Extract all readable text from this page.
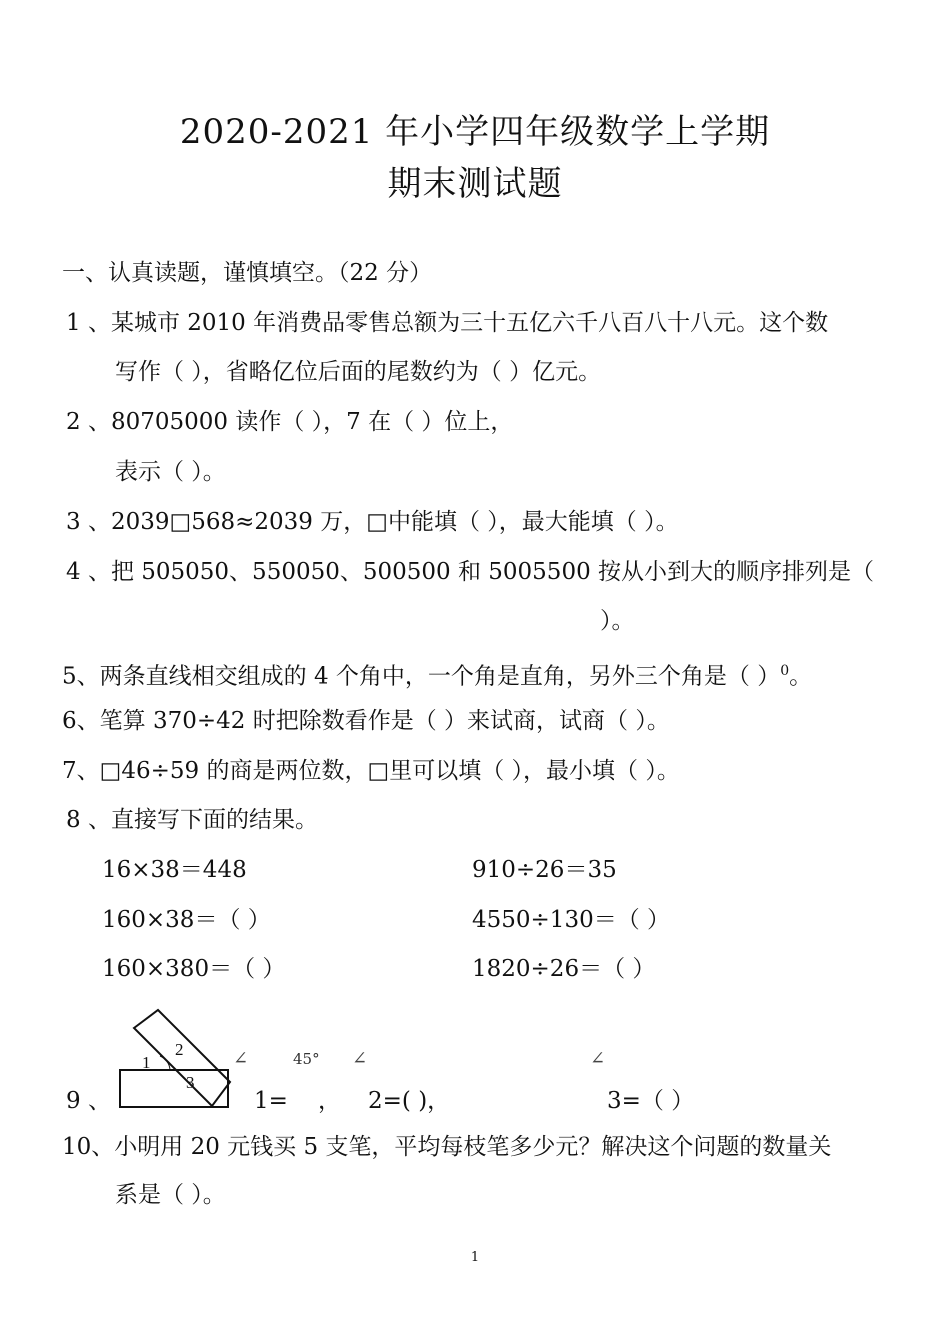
2020-2021 年小学四年级数学上学期
期末测试题
一、认真读题，谨慎填空。（22 分）
1 、某城市 2010 年消费品零售总额为三十五亿六千八百八十八元。这个数
写作（ ），省略亿位后面的尾数约为（ ）亿元。
2 、80705000 读作（ ），7 在（ ）位上，
表示（ ）。
3 、2039□568≈2039 万，□中能填（ ），最大能填（ ）。
4 、把 505050、550050、500500 和 5005500 按从小到大的顺序排列是（
）。
5、两条直线相交组成的 4 个角中，一个角是直角，另外三个角是（ ）$^0$。
6、笔算 370÷42 时把除数看作是（ ）来试商，试商（ ）。
7、□46÷59 的商是两位数，□里可以填（ ），最小填（ ）。
8 、直接写下面的结果。
16×38＝448	910÷26＝35
160×38＝（ ）	4550÷130＝（ ）
160×380＝（ ）	1820÷26＝（ ）
1
2
3
∠	45° ∠	∠
9 、	1= ， 2=( )，	3=（ ）
10、小明用 20 元钱买 5 支笔，平均每枝笔多少元？解决这个问题的数量关
系是（ ）。
1
